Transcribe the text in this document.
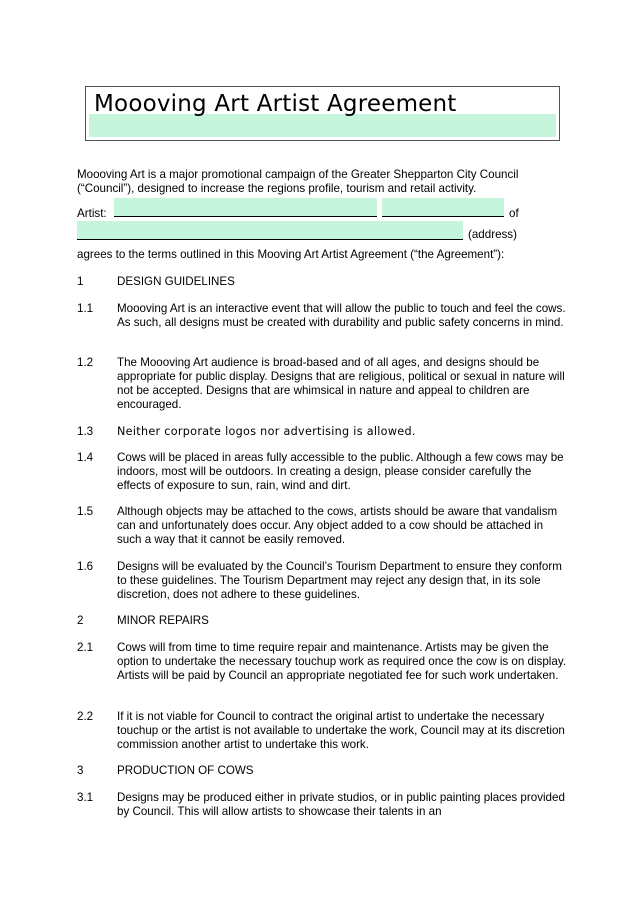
Moooving Art Artist Agreement
Moooving Art is a major promotional campaign of the Greater Shepparton City Council (“Council”), designed to increase the regions profile, tourism and retail activity.
Artist:	of
(address)
agrees to the terms outlined in this Mooving Art Artist Agreement (“the Agreement”):
1	DESIGN GUIDELINES
1.1 Moooving Art is an interactive event that will allow the public to touch and feel the cows. As such, all designs must be created with durability and public safety concerns in mind.
1.2 The Moooving Art audience is broad-based and of all ages, and designs should be appropriate for public display. Designs that are religious, political or sexual in nature will not be accepted. Designs that are whimsical in nature and appeal to children are encouraged.
1.3 Neither corporate logos nor advertising is allowed.
1.4 Cows will be placed in areas fully accessible to the public. Although a few cows may be indoors, most will be outdoors. In creating a design, please consider carefully the effects of exposure to sun, rain, wind and dirt.
1.5 Although objects may be attached to the cows, artists should be aware that vandalism can and unfortunately does occur. Any object added to a cow should be attached in such a way that it cannot be easily removed.
1.6 Designs will be evaluated by the Council’s Tourism Department to ensure they conform to these guidelines. The Tourism Department may reject any design that, in its sole discretion, does not adhere to these guidelines.
2	MINOR REPAIRS
2.1 Cows will from time to time require repair and maintenance. Artists may be given the option to undertake the necessary touchup work as required once the cow is on display. Artists will be paid by Council an appropriate negotiated fee for such work undertaken.
2.2 If it is not viable for Council to contract the original artist to undertake the necessary touchup or the artist is not available to undertake the work, Council may at its discretion commission another artist to undertake this work.
3	PRODUCTION OF COWS
3.1 Designs may be produced either in private studios, or in public painting places provided by Council. This will allow artists to showcase their talents in an
